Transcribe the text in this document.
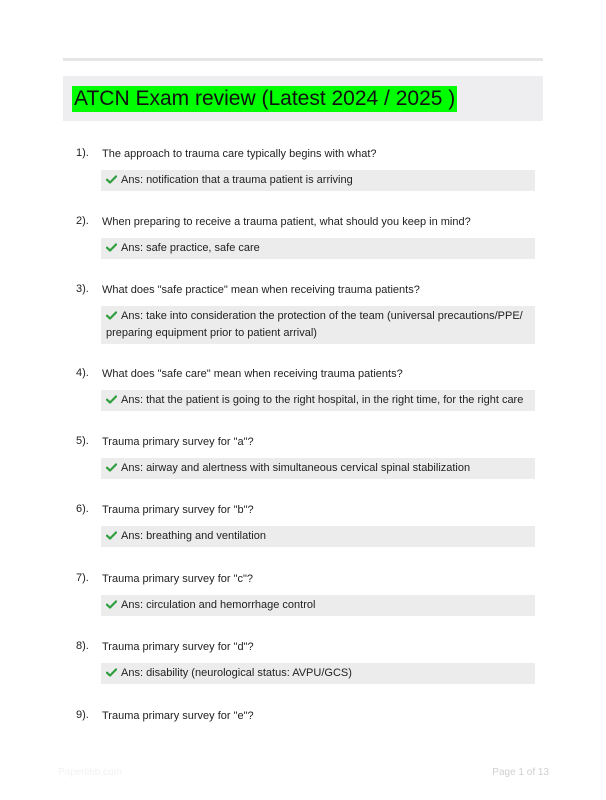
ATCN Exam review (Latest 2024 / 2025 )
1). The approach to trauma care typically begins with what?
Ans: notification that a trauma patient is arriving
2). When preparing to receive a trauma patient, what should you keep in mind?
Ans: safe practice, safe care
3). What does "safe practice" mean when receiving trauma patients?
Ans: take into consideration the protection of the team (universal precautions/PPE/
preparing equipment prior to patient arrival)
4). What does "safe care" mean when receiving trauma patients?
Ans: that the patient is going to the right hospital, in the right time, for the right care
5). Trauma primary survey for "a"?
Ans: airway and alertness with simultaneous cervical spinal stabilization
6). Trauma primary survey for "b"?
Ans: breathing and ventilation
7). Trauma primary survey for "c"?
Ans: circulation and hemorrhage control
8). Trauma primary survey for "d"?
Ans: disability (neurological status: AVPU/GCS)
9). Trauma primary survey for "e"?
Paperlibb.com	Page 1 of 13
